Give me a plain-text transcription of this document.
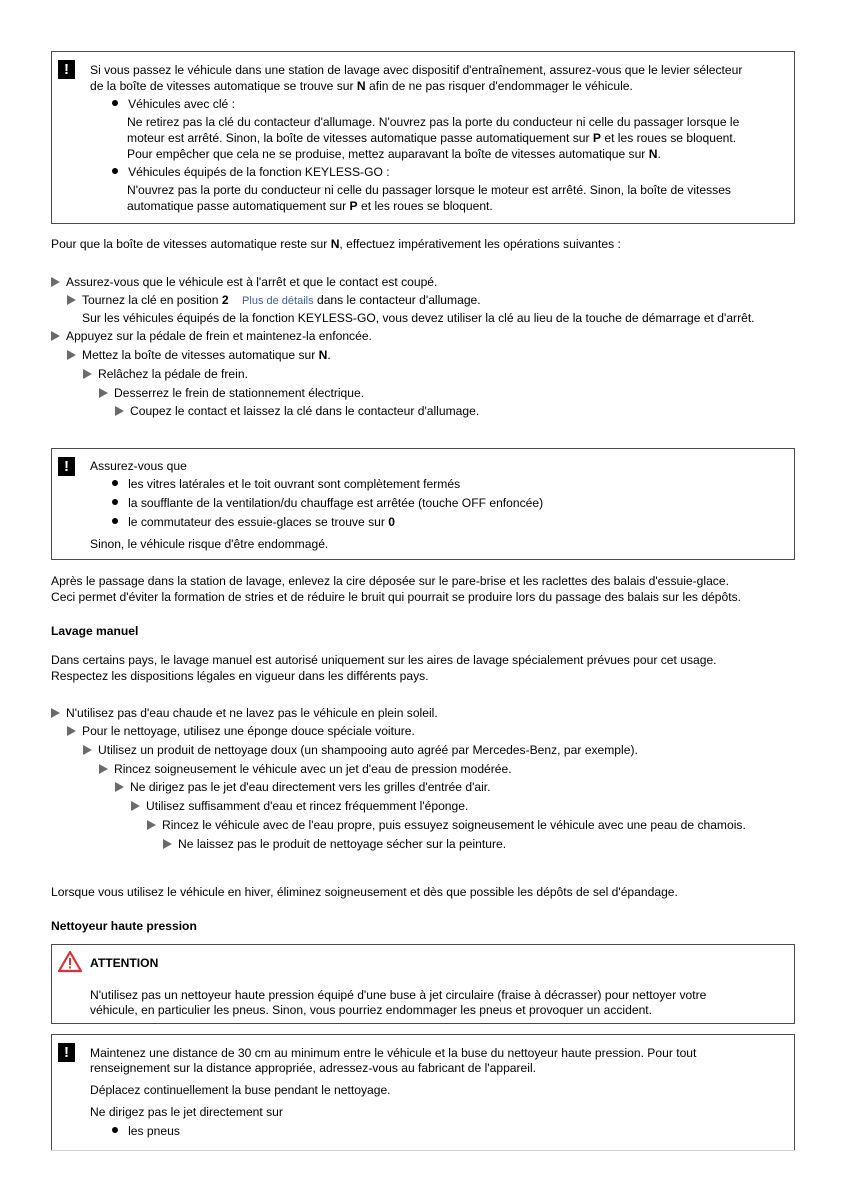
!	Si vous passez le véhicule dans une station de lavage avec dispositif d'entraînement, assurez-vous que le levier sélecteur
de la boîte de vitesses automatique se trouve sur N afin de ne pas risquer d'endommager le véhicule.
Véhicules avec clé :
Ne retirez pas la clé du contacteur d'allumage. N'ouvrez pas la porte du conducteur ni celle du passager lorsque le
moteur est arrêté. Sinon, la boîte de vitesses automatique passe automatiquement sur P et les roues se bloquent.
Pour empêcher que cela ne se produise, mettez auparavant la boîte de vitesses automatique sur N.
Véhicules équipés de la fonction KEYLESS-GO :
N'ouvrez pas la porte du conducteur ni celle du passager lorsque le moteur est arrêté. Sinon, la boîte de vitesses
automatique passe automatiquement sur P et les roues se bloquent.
Pour que la boîte de vitesses automatique reste sur N, effectuez impérativement les opérations suivantes :
Assurez-vous que le véhicule est à l'arrêt et que le contact est coupé.
Tournez la clé en position 2 Plus de détails dans le contacteur d'allumage.
Sur les véhicules équipés de la fonction KEYLESS-GO, vous devez utiliser la clé au lieu de la touche de démarrage et d'arrêt.
Appuyez sur la pédale de frein et maintenez-la enfoncée.
Mettez la boîte de vitesses automatique sur N.
Relâchez la pédale de frein.
Desserrez le frein de stationnement électrique.
Coupez le contact et laissez la clé dans le contacteur d'allumage.
!	Assurez-vous que
les vitres latérales et le toit ouvrant sont complètement fermés
la soufflante de la ventilation/du chauffage est arrêtée (touche OFF enfoncée)
le commutateur des essuie-glaces se trouve sur 0
Sinon, le véhicule risque d'être endommagé.
Après le passage dans la station de lavage, enlevez la cire déposée sur le pare-brise et les raclettes des balais d'essuie-glace.
Ceci permet d'éviter la formation de stries et de réduire le bruit qui pourrait se produire lors du passage des balais sur les dépôts.
Lavage manuel
Dans certains pays, le lavage manuel est autorisé uniquement sur les aires de lavage spécialement prévues pour cet usage.
Respectez les dispositions légales en vigueur dans les différents pays.
N'utilisez pas d'eau chaude et ne lavez pas le véhicule en plein soleil.
Pour le nettoyage, utilisez une éponge douce spéciale voiture.
Utilisez un produit de nettoyage doux (un shampooing auto agréé par Mercedes-Benz, par exemple).
Rincez soigneusement le véhicule avec un jet d'eau de pression modérée.
Ne dirigez pas le jet d'eau directement vers les grilles d'entrée d'air.
Utilisez suffisamment d'eau et rincez fréquemment l'éponge.
Rincez le véhicule avec de l'eau propre, puis essuyez soigneusement le véhicule avec une peau de chamois.
Ne laissez pas le produit de nettoyage sécher sur la peinture.
Lorsque vous utilisez le véhicule en hiver, éliminez soigneusement et dès que possible les dépôts de sel d'épandage.
Nettoyeur haute pression
ATTENTION
N'utilisez pas un nettoyeur haute pression équipé d'une buse à jet circulaire (fraise à décrasser) pour nettoyer votre
véhicule, en particulier les pneus. Sinon, vous pourriez endommager les pneus et provoquer un accident.
!	Maintenez une distance de 30 cm au minimum entre le véhicule et la buse du nettoyeur haute pression. Pour tout
renseignement sur la distance appropriée, adressez-vous au fabricant de l'appareil.
Déplacez continuellement la buse pendant le nettoyage.
Ne dirigez pas le jet directement sur
les pneus
